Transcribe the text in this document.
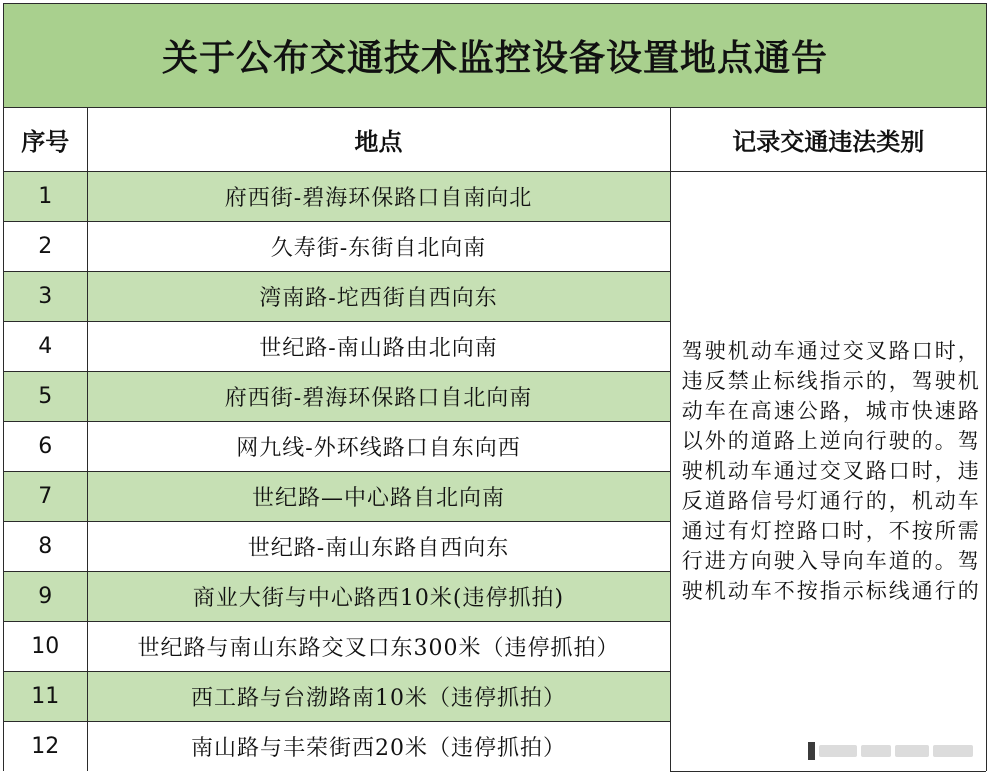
关于公布交通技术监控设备设置地点通告
序号	地点	记录交通违法类别
1	府西街-碧海环保路口自南向北	驾驶机动车通过交叉路口时，违反禁止标线指示的，驾驶机动车在高速公路，城市快速路以外的道路上逆向行驶的。驾驶机动车通过交叉路口时，违反道路信号灯通行的，机动车通过有灯控路口时，不按所需行进方向驶入导向车道的。驾驶机动车不按指示标线通行的

2	久寿街-东街自北向南	
3	湾南路-坨西街自西向东	
4	世纪路-南山路由北向南	
5	府西街-碧海环保路口自北向南	
6	网九线-外环线路口自东向西	
7	世纪路—中心路自北向南	
8	世纪路-南山东路自西向东	
9	商业大街与中心路西10米(违停抓拍)	
10	世纪路与南山东路交叉口东300米（违停抓拍）	
11	西工路与台渤路南10米（违停抓拍）	
12	南山路与丰荣街西20米（违停抓拍）	
